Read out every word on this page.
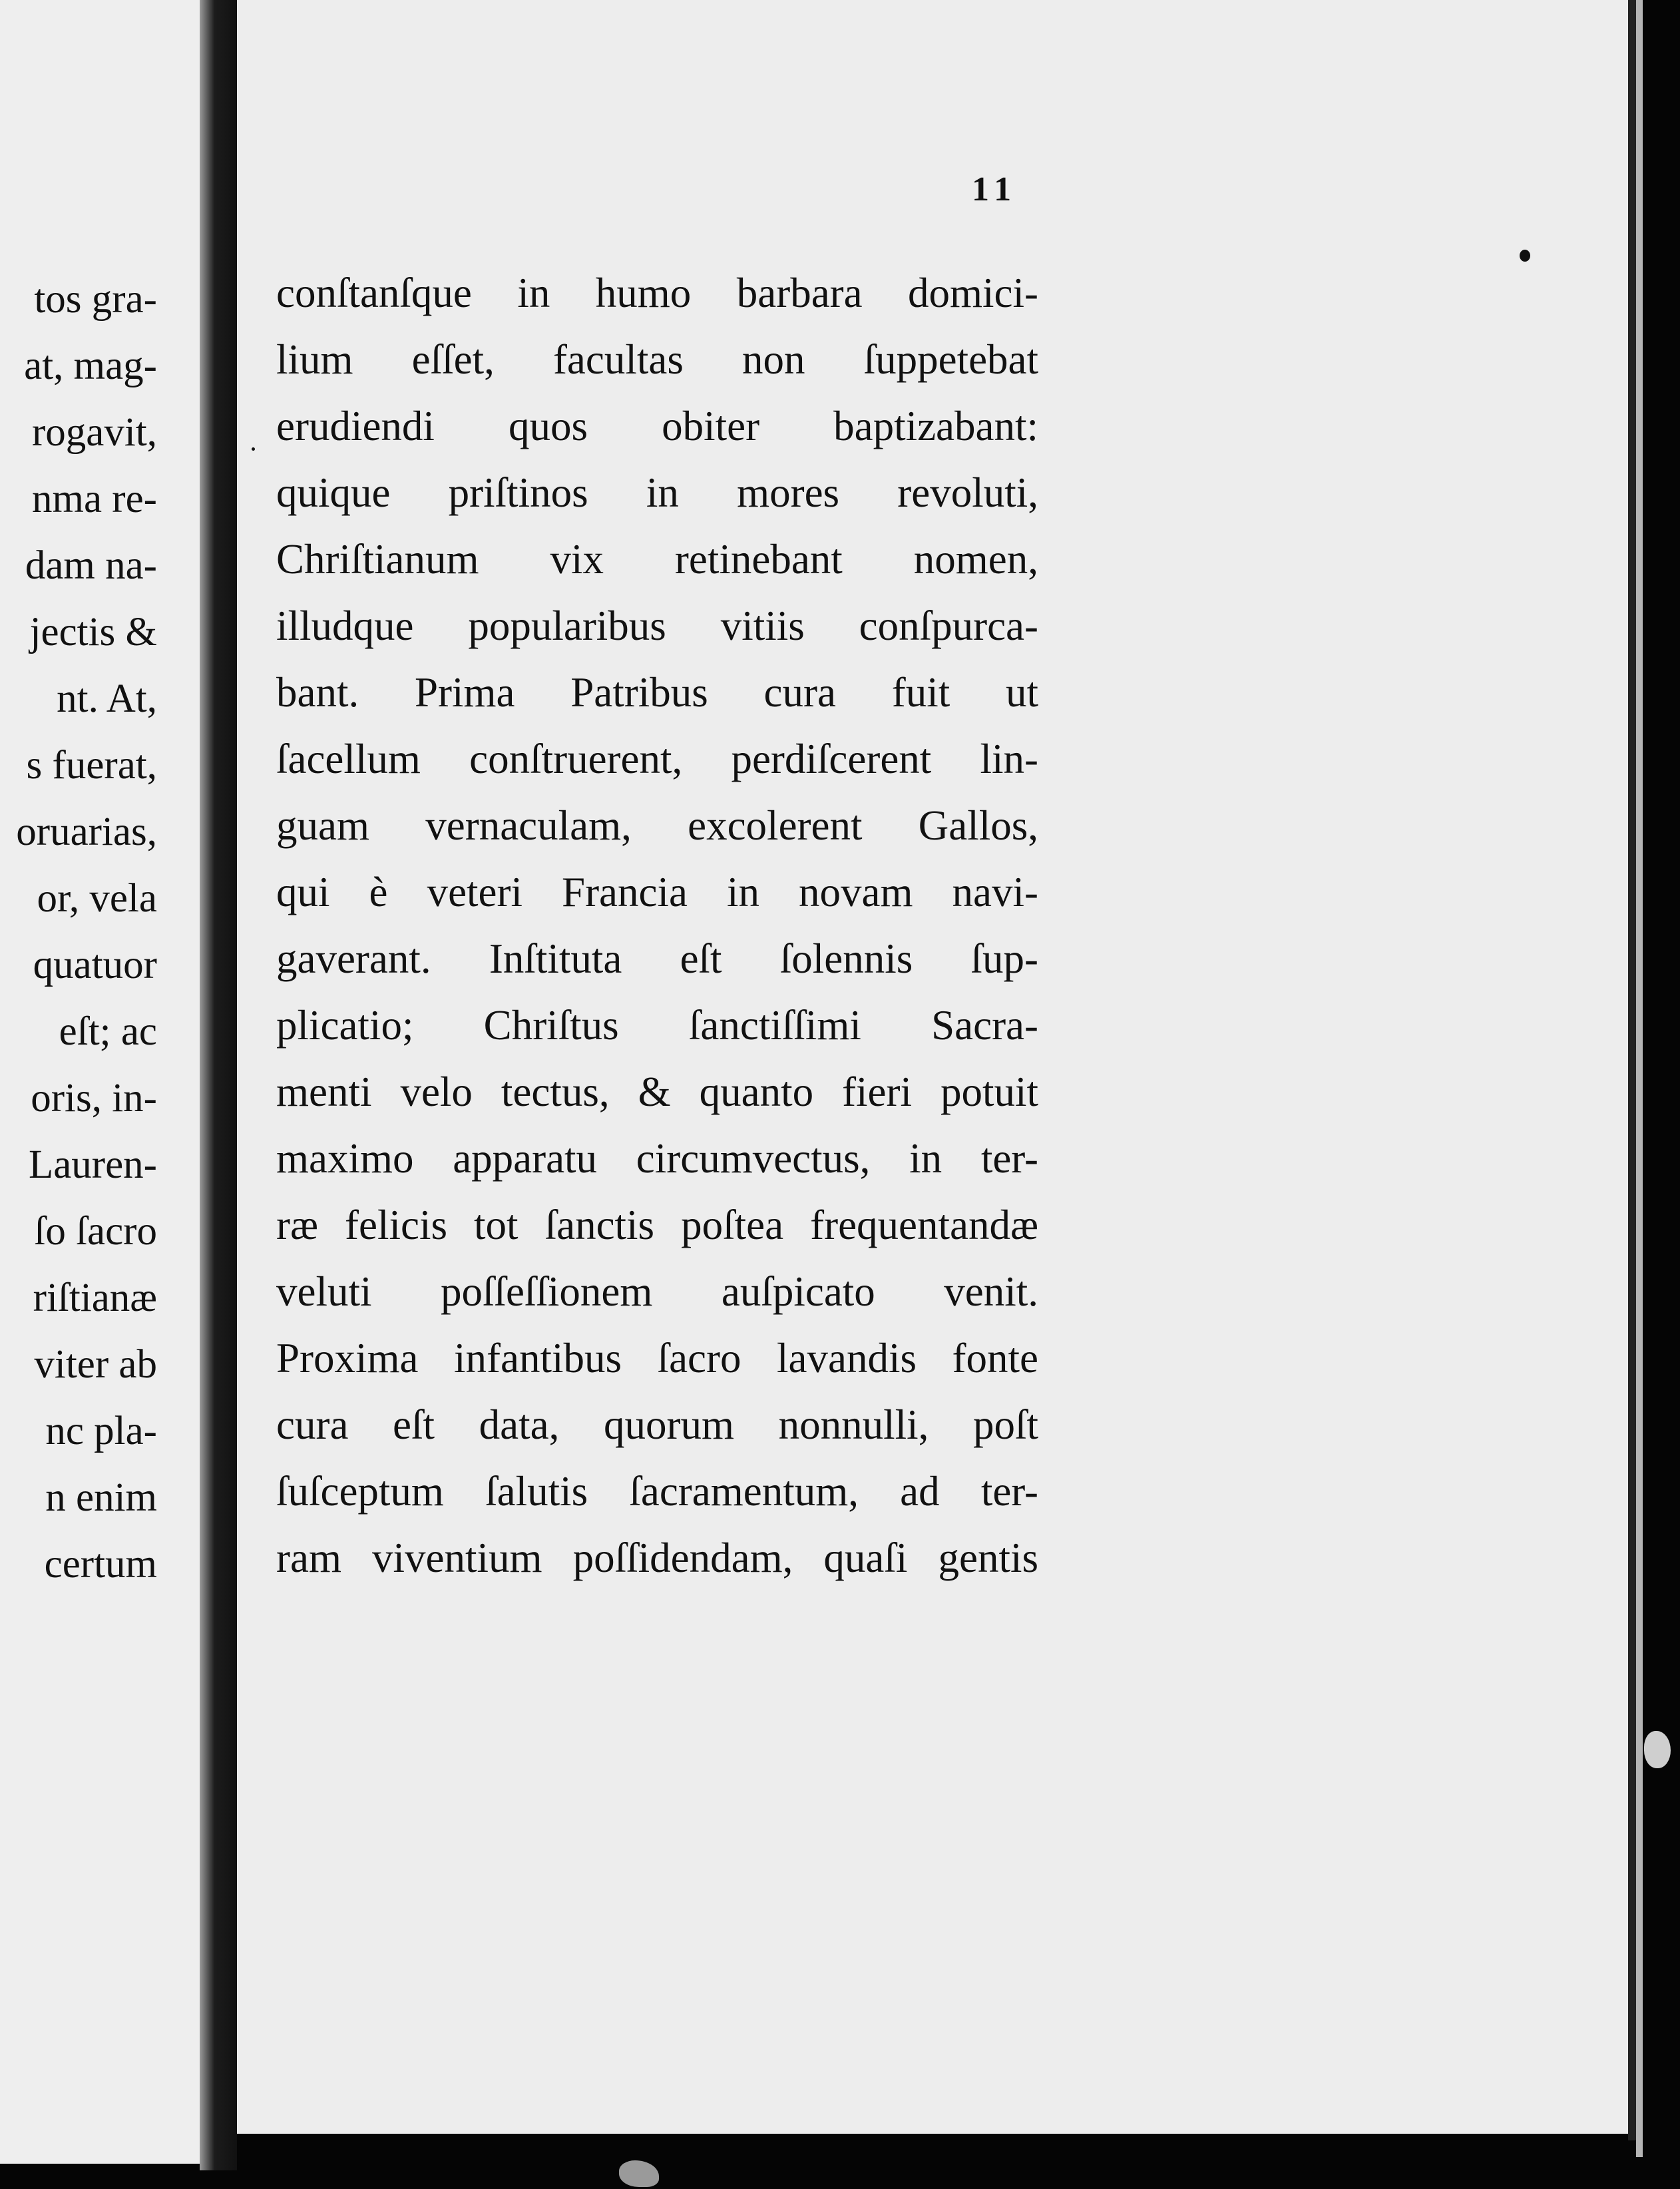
tos gra-
at, mag-
rogavit,
nma re-
dam na-
jectis &
nt. At,
s fuerat,
oruarias,
or, vela
quatuor
eſt; ac
oris, in-
Lauren-
ſo ſacro
riſtianæ
viter ab
nc pla-
n enim
certum
11
conſtanſque in humo barbara domici-
lium eſſet, facultas non ſuppetebat
erudiendi quos obiter baptizabant:
quique priſtinos in mores revoluti,
Chriſtianum vix retinebant nomen,
illudque popularibus vitiis conſpurca-
bant. Prima Patribus cura fuit ut
ſacellum conſtruerent, perdiſcerent lin-
guam vernaculam, excolerent Gallos,
qui è veteri Francia in novam navi-
gaverant. Inſtituta eſt ſolennis ſup-
plicatio; Chriſtus ſanctiſſimi Sacra-
menti velo tectus, & quanto fieri potuit
maximo apparatu circumvectus, in ter-
ræ felicis tot ſanctis poſtea frequentandæ
veluti poſſeſſionem auſpicato venit.
Proxima infantibus ſacro lavandis fonte
cura eſt data, quorum nonnulli, poſt
ſuſceptum ſalutis ſacramentum, ad ter-
ram viventium poſſidendam, quaſi gentis
